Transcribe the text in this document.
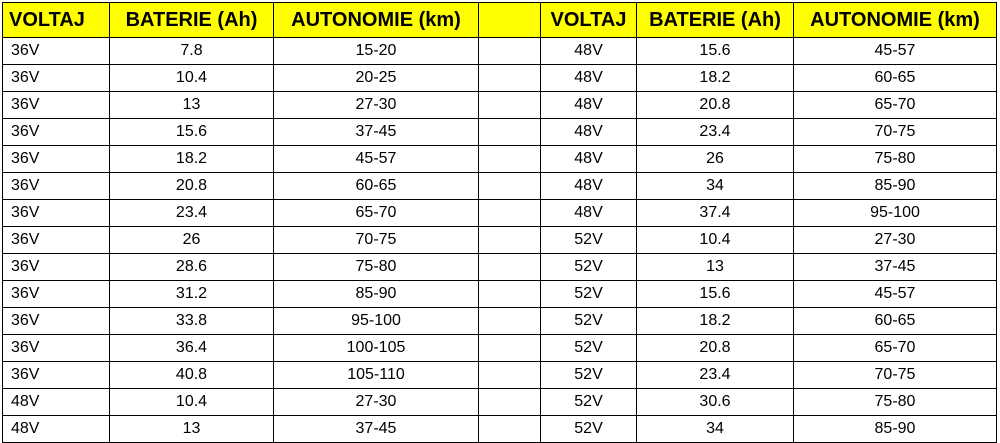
VOLTAJ	BATERIE (Ah)	AUTONOMIE (km)		VOLTAJ	BATERIE (Ah)	AUTONOMIE (km)
36V	7.8	15-20		48V	15.6	45-57
36V	10.4	20-25		48V	18.2	60-65
36V	13	27-30		48V	20.8	65-70
36V	15.6	37-45		48V	23.4	70-75
36V	18.2	45-57		48V	26	75-80
36V	20.8	60-65		48V	34	85-90
36V	23.4	65-70		48V	37.4	95-100
36V	26	70-75		52V	10.4	27-30
36V	28.6	75-80		52V	13	37-45
36V	31.2	85-90		52V	15.6	45-57
36V	33.8	95-100		52V	18.2	60-65
36V	36.4	100-105		52V	20.8	65-70
36V	40.8	105-110		52V	23.4	70-75
48V	10.4	27-30		52V	30.6	75-80
48V	13	37-45		52V	34	85-90
